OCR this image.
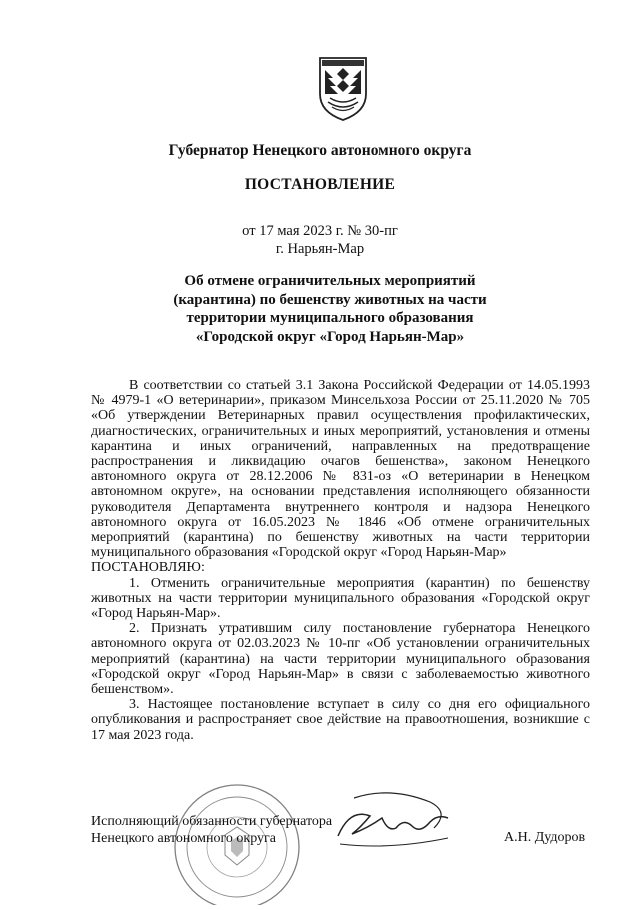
Губернатор Ненецкого автономного округа
ПОСТАНОВЛЕНИЕ
от 17 мая 2023 г. № 30-пг
г. Нарьян-Мар
Об отмене ограничительных мероприятий
(карантина) по бешенству животных на части
территории муниципального образования
«Городской округ «Город Нарьян-Мар»

В соответствии со статьей 3.1 Закона Российской Федерации от 14.05.1993 № 4979-1 «О ветеринарии», приказом Минсельхоза России от 25.11.2020 № 705 «Об утверждении Ветеринарных правил осуществления профилактических, диагностических, ограничительных и иных мероприятий, установления и отмены карантина и иных ограничений, направленных на предотвращение распространения и ликвидацию очагов бешенства», законом Ненецкого автономного округа от 28.12.2006 № 831-оз «О ветеринарии в Ненецком автономном округе», на основании представления исполняющего обязанности руководителя Департамента внутреннего контроля и надзора Ненецкого автономного округа от 16.05.2023 № 1846 «Об отмене ограничительных мероприятий (карантина) по бешенству животных на части территории муниципального образования «Городской округ «Город Нарьян-Мар»

ПОСТАНОВЛЯЮ:

1. Отменить ограничительные мероприятия (карантин) по бешенству животных на части территории муниципального образования «Городской округ «Город Нарьян-Мар».

2. Признать утратившим силу постановление губернатора Ненецкого автономного округа от 02.03.2023 № 10-пг «Об установлении ограничительных мероприятий (карантина) на части территории муниципального образования «Городской округ «Город Нарьян-Мар» в связи с заболеваемостью животного бешенством».

3. Настоящее постановление вступает в силу со дня его официального опубликования и распространяет свое действие на правоотношения, возникшие с 17 мая 2023 года.

Исполняющий обязанности губернатора
Ненецкого автономного округа	А.Н. Дудоров
